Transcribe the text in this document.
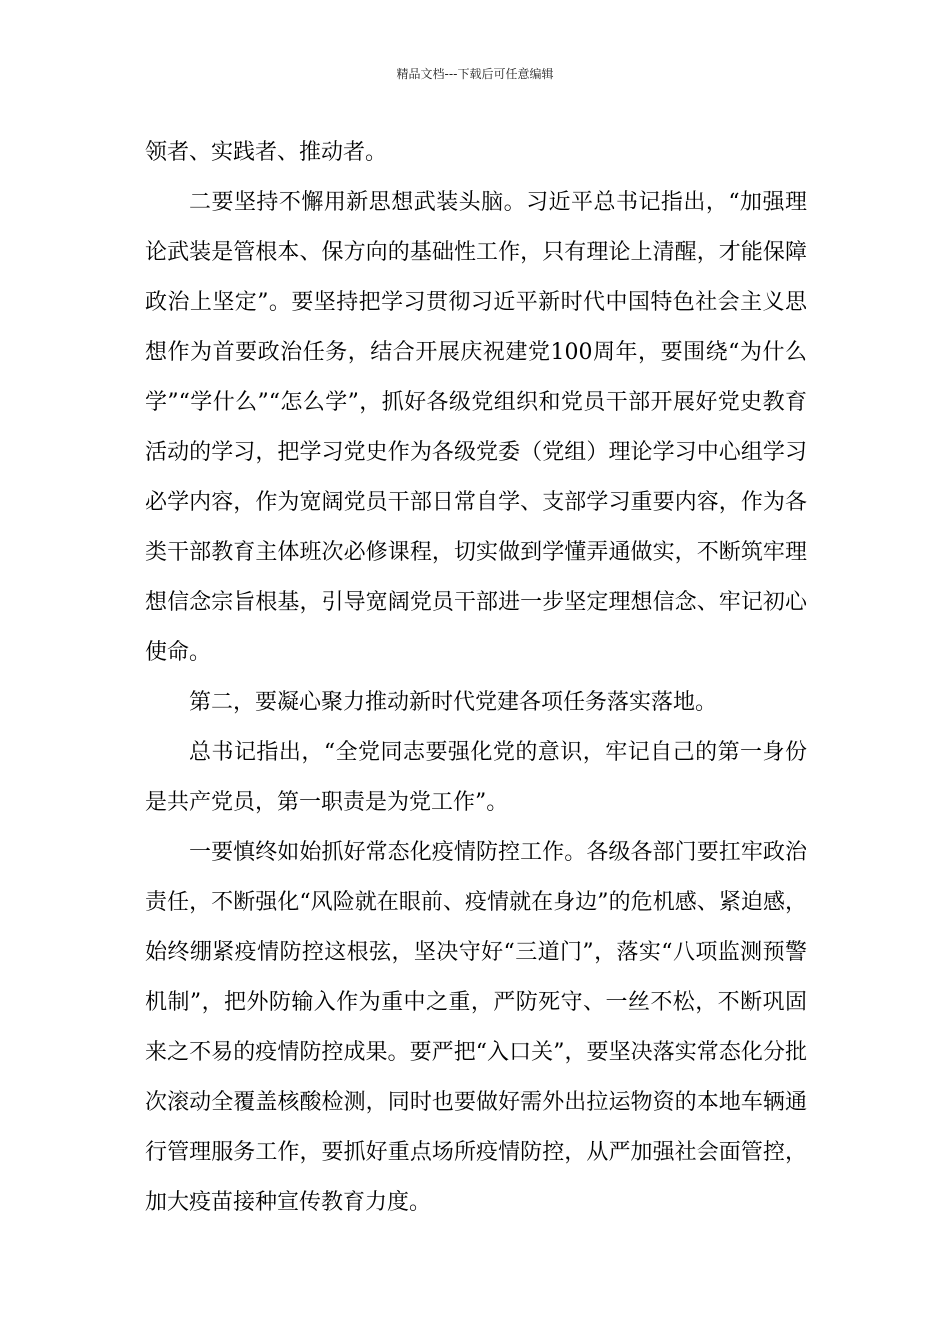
精品文档---下载后可任意编辑

领者、实践者、推动者。

二要坚持不懈用新思想武装头脑。习近平总书记指出，“加强理论武装是管根本、保方向的基础性工作，只有理论上清醒，才能保障政治上坚定”。要坚持把学习贯彻习近平新时代中国特色社会主义思想作为首要政治任务，结合开展庆祝建党100周年，要围绕“为什么学”“学什么”“怎么学”，抓好各级党组织和党员干部开展好党史教育活动的学习，把学习党史作为各级党委（党组）理论学习中心组学习必学内容，作为宽阔党员干部日常自学、支部学习重要内容，作为各类干部教育主体班次必修课程，切实做到学懂弄通做实，不断筑牢理想信念宗旨根基，引导宽阔党员干部进一步坚定理想信念、牢记初心使命。

第二，要凝心聚力推动新时代党建各项任务落实落地。

总书记指出，“全党同志要强化党的意识，牢记自己的第一身份是共产党员，第一职责是为党工作”。

一要慎终如始抓好常态化疫情防控工作。各级各部门要扛牢政治责任，不断强化“风险就在眼前、疫情就在身边”的危机感、紧迫感，始终绷紧疫情防控这根弦，坚决守好“三道门”，落实“八项监测预警机制”，把外防输入作为重中之重，严防死守、一丝不松，不断巩固来之不易的疫情防控成果。要严把“入口关”，要坚决落实常态化分批次滚动全覆盖核酸检测，同时也要做好需外出拉运物资的本地车辆通行管理服务工作，要抓好重点场所疫情防控，从严加强社会面管控，加大疫苗接种宣传教育力度。
